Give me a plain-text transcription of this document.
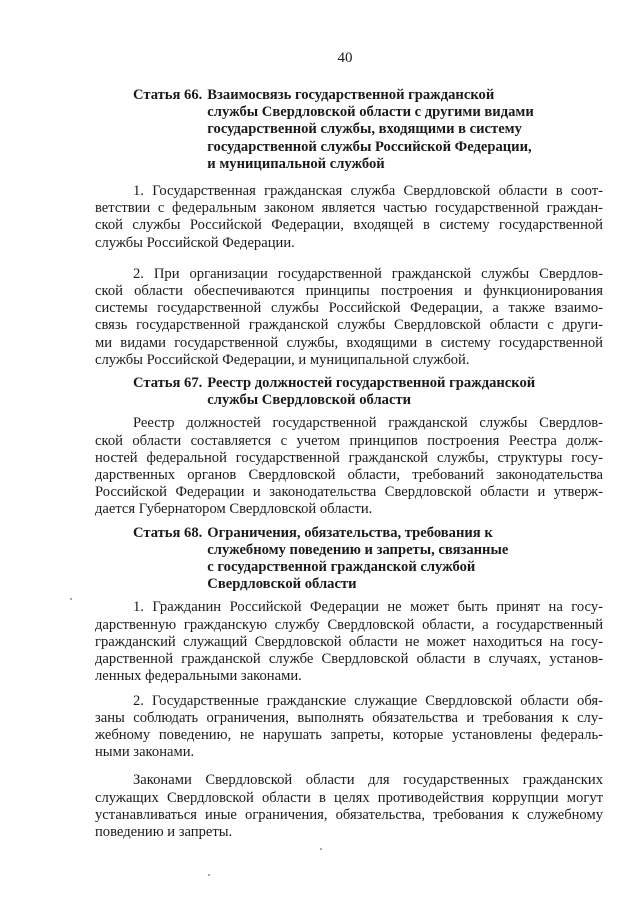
40
Статья 66. Взаимосвязь государственной гражданской
службы Свердловской области с другими видами
государственной службы, входящими в систему
государственной службы Российской Федерации,
и муниципальной службой

1. Государственная гражданская служба Свердловской области в соот-
ветствии с федеральным законом является частью государственной граждан-
ской службы Российской Федерации, входящей в систему государственной
службы Российской Федерации.

2. При организации государственной гражданской службы Свердлов-
ской области обеспечиваются принципы построения и функционирования
системы государственной службы Российской Федерации, а также взаимо-
связь государственной гражданской службы Свердловской области с други-
ми видами государственной службы, входящими в систему государственной
службы Российской Федерации, и муниципальной службой.

Статья 67. Реестр должностей государственной гражданской
службы Свердловской области

Реестр должностей государственной гражданской службы Свердлов-
ской области составляется с учетом принципов построения Реестра долж-
ностей федеральной государственной гражданской службы, структуры госу-
дарственных органов Свердловской области, требований законодательства
Российской Федерации и законодательства Свердловской области и утверж-
дается Губернатором Свердловской области.

Статья 68. Ограничения, обязательства, требования к
служебному поведению и запреты, связанные
с государственной гражданской службой
Свердловской области

1. Гражданин Российской Федерации не может быть принят на госу-
дарственную гражданскую службу Свердловской области, а государственный
гражданский служащий Свердловской области не может находиться на госу-
дарственной гражданской службе Свердловской области в случаях, установ-
ленных федеральными законами.

2. Государственные гражданские служащие Свердловской области обя-
заны соблюдать ограничения, выполнять обязательства и требования к слу-
жебному поведению, не нарушать запреты, которые установлены федераль-
ными законами.

Законами Свердловской области для государственных гражданских
служащих Свердловской области в целях противодействия коррупции могут
устанавливаться иные ограничения, обязательства, требования к служебному
поведению и запреты.
